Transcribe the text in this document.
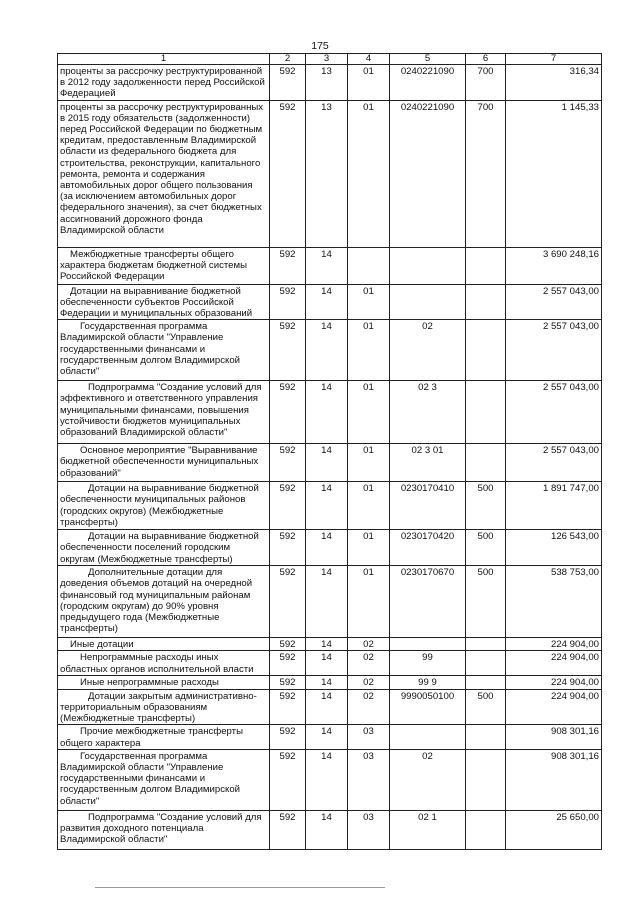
175
1	2	3	4	5	6	7
проценты за рассрочку реструктурированной в 2012 году задолженности перед Российской Федерацией	592	13	01	0240221090	700	316,34
проценты за рассрочку реструктурированных в 2015 году обязательств (задолженности) перед Российской Федерации по бюджетным кредитам, предоставленным Владимирской области из федерального бюджета для строительства, реконструкции, капитального ремонта, ремонта и содержания автомобильных дорог общего пользования (за исключением автомобильных дорог федерального значения), за счет бюджетных ассигнований дорожного фонда Владимирской области	592	13	01	0240221090	700	1 145,33
Межбюджетные трансферты общего характера бюджетам бюджетной системы Российской Федерации	592	14				3 690 248,16
Дотации на выравнивание бюджетной обеспеченности субъектов Российской Федерации и муниципальных образований	592	14	01			2 557 043,00
Государственная программа Владимирской области "Управление государственными финансами и государственным долгом Владимирской области"	592	14	01	02		2 557 043,00
Подпрограмма "Создание условий для эффективного и ответственного управления муниципальными финансами, повышения устойчивости бюджетов муниципальных образований Владимирской области"	592	14	01	02 3		2 557 043,00
Основное мероприятие "Выравнивание бюджетной обеспеченности муниципальных образований"	592	14	01	02 3 01		2 557 043,00
Дотации на выравнивание бюджетной обеспеченности муниципальных районов (городских округов) (Межбюджетные трансферты)	592	14	01	0230170410	500	1 891 747,00
Дотации на выравнивание бюджетной обеспеченности поселений городским округам (Межбюджетные трансферты)	592	14	01	0230170420	500	126 543,00
Дополнительные дотации для доведения объемов дотаций на очередной финансовый год муниципальным районам (городским округам) до 90% уровня предыдущего года (Межбюджетные трансферты)	592	14	01	0230170670	500	538 753,00
Иные дотации	592	14	02			224 904,00
Непрограммные расходы иных областных органов исполнительной власти	592	14	02	99		224 904,00
Иные непрограммные расходы	592	14	02	99 9		224 904,00
Дотации закрытым административно-территориальным образованиям (Межбюджетные трансферты)	592	14	02	9990050100	500	224 904,00
Прочие межбюджетные трансферты общего характера	592	14	03			908 301,16
Государственная программа Владимирской области "Управление государственными финансами и государственным долгом Владимирской области"	592	14	03	02		908 301,16
Подпрограмма "Создание условий для развития доходного потенциала Владимирской области"	592	14	03	02 1		25 650,00
